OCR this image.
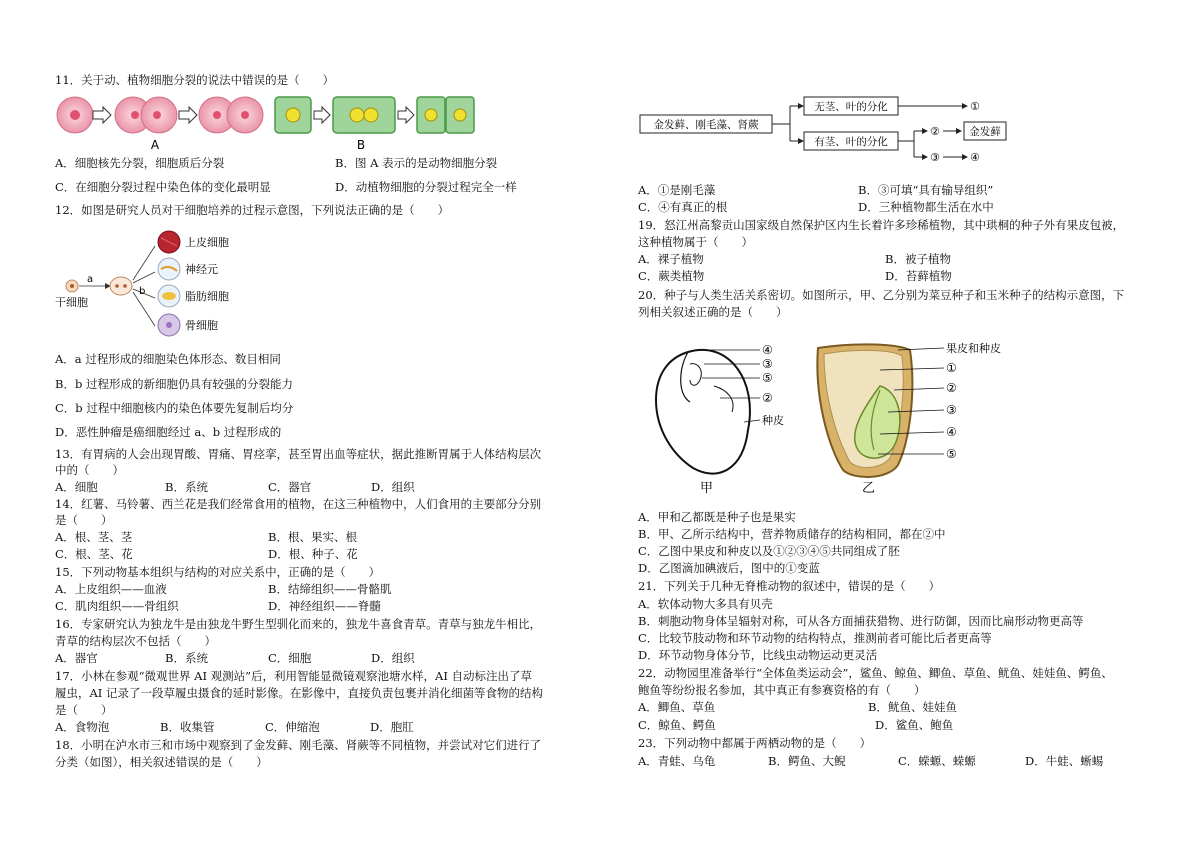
11．关于动、植物细胞分裂的说法中错误的是（　　）
A	B
A．细胞核先分裂，细胞质后分裂	B．图 A 表示的是动物细胞分裂
C．在细胞分裂过程中染色体的变化最明显	D．动植物细胞的分裂过程完全一样
12．如图是研究人员对干细胞培养的过程示意图，下列说法正确的是（　　）
a
b
上皮细胞
神经元
脂肪细胞
骨细胞
干细胞
A．a 过程形成的细胞染色体形态、数目相同
B．b 过程形成的新细胞仍具有较强的分裂能力
C．b 过程中细胞核内的染色体要先复制后均分
D．恶性肿瘤是癌细胞经过 a、b 过程形成的
13．有胃病的人会出现胃酸、胃痛、胃痉挛，甚至胃出血等症状，据此推断胃属于人体结构层次
中的（　　）
A．细胞	B．系统	C．器官	D．组织
14．红薯、马铃薯、西兰花是我们经常食用的植物，在这三种植物中，人们食用的主要部分分别
是（　　）
A．根、茎、茎	B．根、果实、根
C．根、茎、花	D．根、种子、花
15．下列动物基本组织与结构的对应关系中，正确的是（　　）
A．上皮组织——血液	B．结缔组织——骨骼肌
C．肌肉组织——骨组织	D．神经组织——脊髓
16．专家研究认为独龙牛是由独龙牛野生型驯化而来的，独龙牛喜食青草。青草与独龙牛相比，
青草的结构层次不包括（　　）
A．器官	B．系统	C．细胞	D．组织
17．小林在参观“微观世界 AI 观测站”后，利用智能显微镜观察池塘水样，AI 自动标注出了草
履虫，AI 记录了一段草履虫摄食的延时影像。在影像中，直接负责包裹并消化细菌等食物的结构
是（　　）
A．食物泡	B．收集管	C．伸缩泡	D．胞肛
18．小明在泸水市三和市场中观察到了金发藓、刚毛藻、肾蕨等不同植物，并尝试对它们进行了
分类（如图），相关叙述错误的是（　　）
金发藓、刚毛藻、肾蕨
无茎、叶的分化
有茎、叶的分化
①
②	金发藓
③	④
A．①是刚毛藻	B．③可填“具有输导组织”
C．④有真正的根	D．三种植物都生活在水中
19．怒江州高黎贡山国家级自然保护区内生长着许多珍稀植物，其中珙桐的种子外有果皮包被，
这种植物属于（　　）
A．裸子植物	B．被子植物
C．蕨类植物	D．苔藓植物
20．种子与人类生活关系密切。如图所示，甲、乙分别为菜豆种子和玉米种子的结构示意图，下
列相关叙述正确的是（　　）
④
③
⑤
②
种皮
甲
果皮和种皮
①
②
③
④
⑤
乙
A．甲和乙都既是种子也是果实
B．甲、乙所示结构中，营养物质储存的结构相同，都在②中
C．乙图中果皮和种皮以及①②③④⑤共同组成了胚
D．乙图滴加碘液后，图中的①变蓝
21．下列关于几种无脊椎动物的叙述中，错误的是（　　）
A．软体动物大多具有贝壳
B．刺胞动物身体呈辐射对称，可从各方面捕获猎物、进行防御，因而比扁形动物更高等
C．比较节肢动物和环节动物的结构特点，推测前者可能比后者更高等
D．环节动物身体分节，比线虫动物运动更灵活
22．动物园里准备举行“全体鱼类运动会”，鲨鱼、鲸鱼、鲫鱼、草鱼、鱿鱼、娃娃鱼、鳄鱼、
鲍鱼等纷纷报名参加，其中真正有参赛资格的有（　　）
A．鲫鱼、草鱼	B．鱿鱼、娃娃鱼
C．鲸鱼、鳄鱼	D．鲨鱼、鲍鱼
23．下列动物中都属于两栖动物的是（　　）
A．青蛙、乌龟	B．鳄鱼、大鲵	C．蝾螈、蝾螈	D．牛蛙、蜥蜴
